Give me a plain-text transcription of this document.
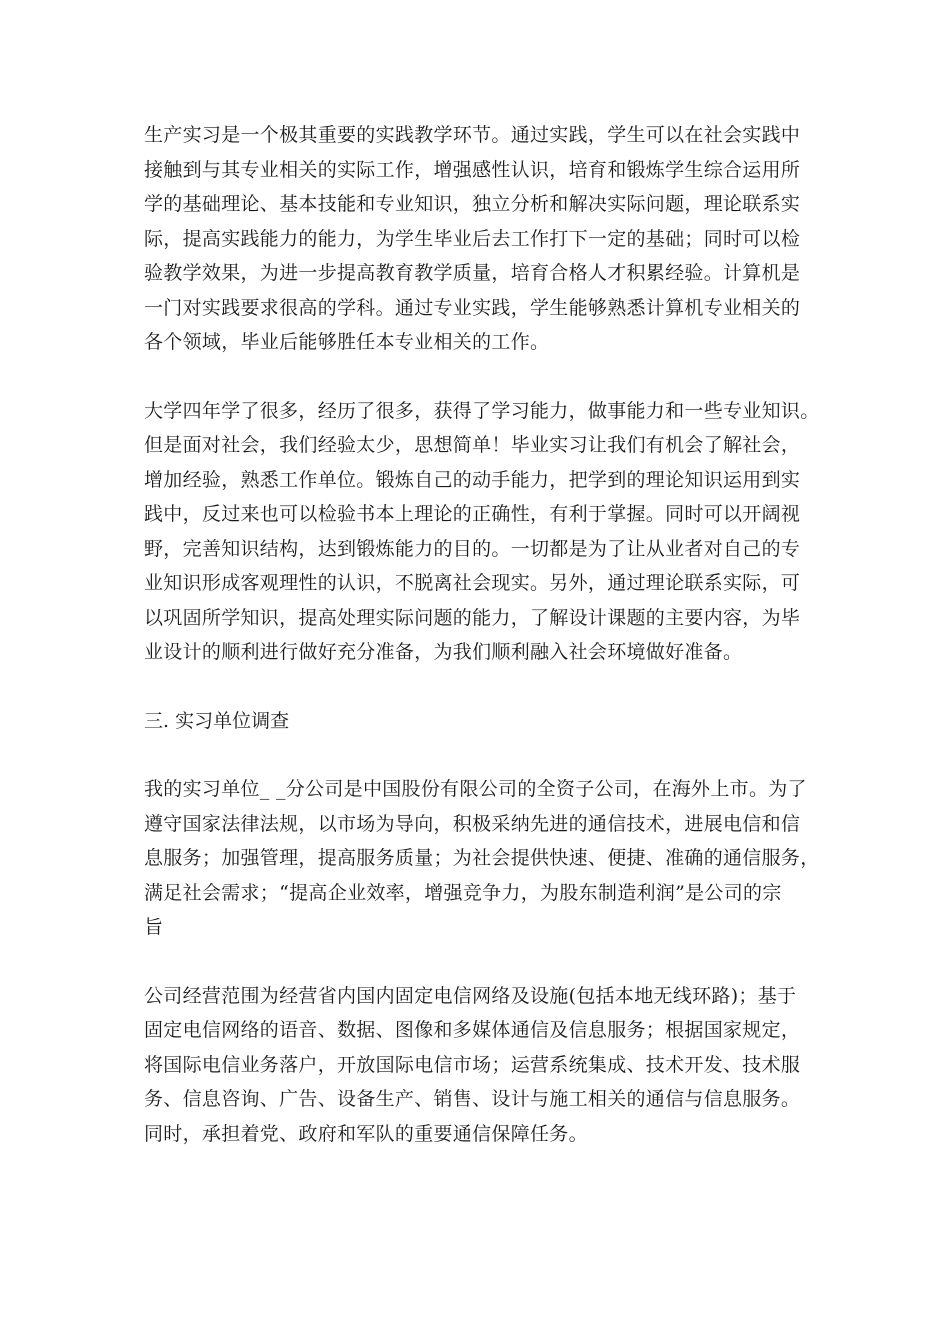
生产实习是一个极其重要的实践教学环节。通过实践，学生可以在社会实践中
接触到与其专业相关的实际工作，增强感性认识，培育和锻炼学生综合运用所
学的基础理论、基本技能和专业知识，独立分析和解决实际问题，理论联系实
际，提高实践能力的能力，为学生毕业后去工作打下一定的基础；同时可以检
验教学效果，为进一步提高教育教学质量，培育合格人才积累经验。计算机是
一门对实践要求很高的学科。通过专业实践，学生能够熟悉计算机专业相关的
各个领域，毕业后能够胜任本专业相关的工作。

大学四年学了很多，经历了很多，获得了学习能力，做事能力和一些专业知识。
但是面对社会，我们经验太少，思想简单！毕业实习让我们有机会了解社会，
增加经验，熟悉工作单位。锻炼自己的动手能力，把学到的理论知识运用到实
践中，反过来也可以检验书本上理论的正确性，有利于掌握。同时可以开阔视
野，完善知识结构，达到锻炼能力的目的。一切都是为了让从业者对自己的专
业知识形成客观理性的认识，不脱离社会现实。另外，通过理论联系实际，可
以巩固所学知识，提高处理实际问题的能力，了解设计课题的主要内容，为毕
业设计的顺利进行做好充分准备，为我们顺利融入社会环境做好准备。

三. 实习单位调查

我的实习单位_ _分公司是中国股份有限公司的全资子公司，在海外上市。为了
遵守国家法律法规，以市场为导向，积极采纳先进的通信技术，进展电信和信
息服务；加强管理，提高服务质量；为社会提供快速、便捷、准确的通信服务，
满足社会需求；“提高企业效率，增强竞争力，为股东制造利润”是公司的宗
旨

公司经营范围为经营省内国内固定电信网络及设施(包括本地无线环路)；基于
固定电信网络的语音、数据、图像和多媒体通信及信息服务；根据国家规定，
将国际电信业务落户，开放国际电信市场；运营系统集成、技术开发、技术服
务、信息咨询、广告、设备生产、销售、设计与施工相关的通信与信息服务。
同时，承担着党、政府和军队的重要通信保障任务。
